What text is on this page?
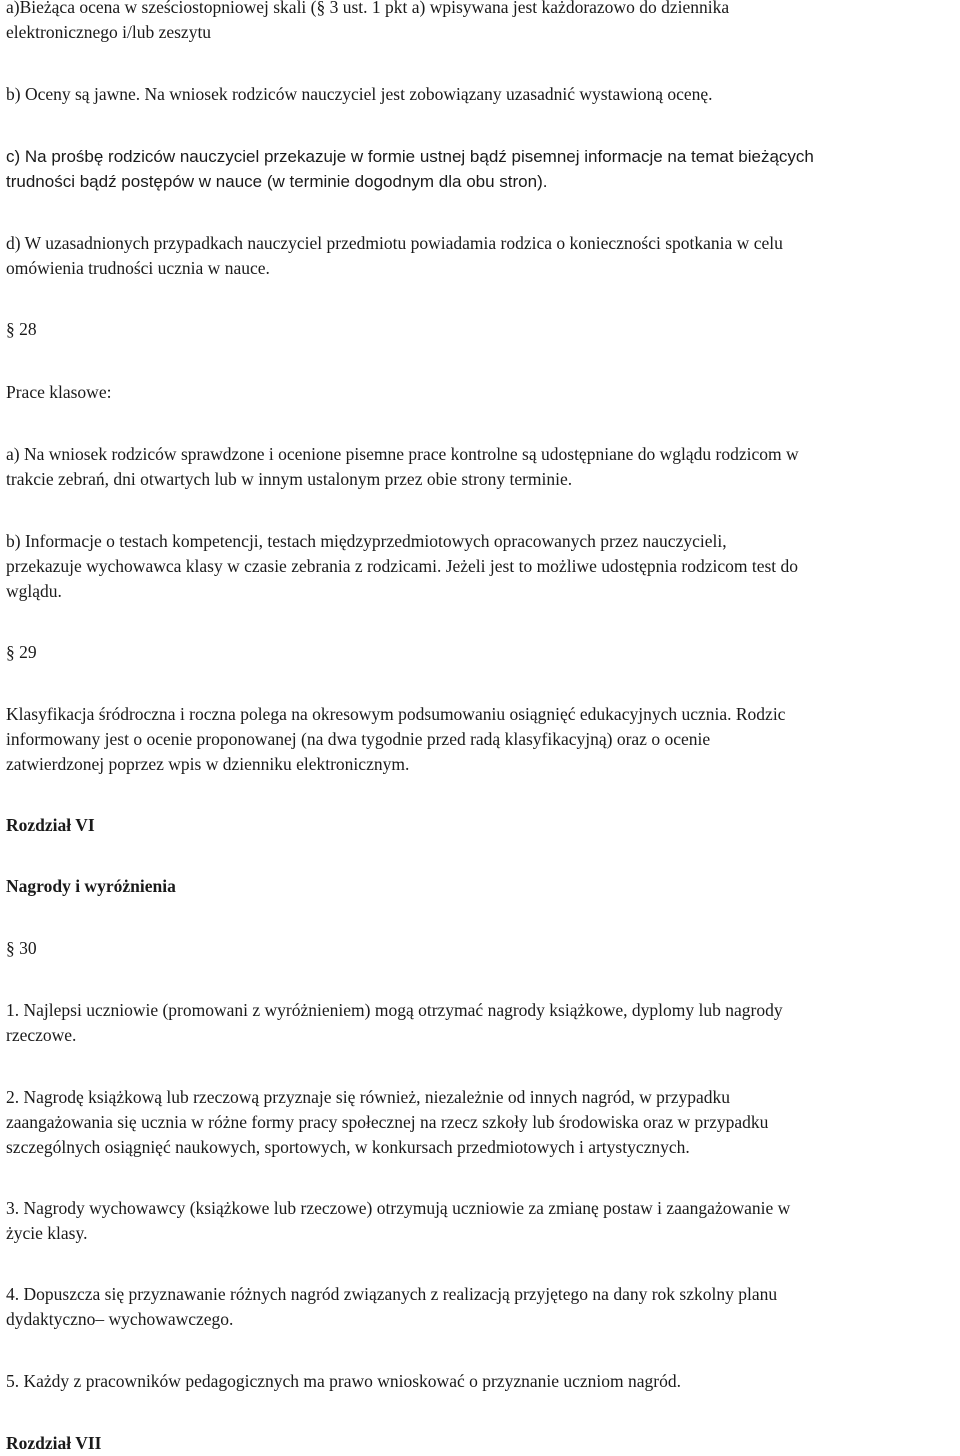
a)Bieżąca ocena w sześciostopniowej skali (§ 3 ust. 1 pkt a) wpisywana jest każdorazowo do dziennika
elektronicznego i/lub zeszytu
b) Oceny są jawne. Na wniosek rodziców nauczyciel jest zobowiązany uzasadnić wystawioną ocenę.
c) Na prośbę rodziców nauczyciel przekazuje w formie ustnej bądź pisemnej informacje na temat bieżących
trudności bądź postępów w nauce (w terminie dogodnym dla obu stron).
d) W uzasadnionych przypadkach nauczyciel przedmiotu powiadamia rodzica o konieczności spotkania w celu
omówienia trudności ucznia w nauce.
§ 28
Prace klasowe:
a) Na wniosek rodziców sprawdzone i ocenione pisemne prace kontrolne są udostępniane do wglądu rodzicom w
trakcie zebrań, dni otwartych lub w innym ustalonym przez obie strony terminie.
b) Informacje o testach kompetencji, testach międzyprzedmiotowych opracowanych przez nauczycieli,
przekazuje wychowawca klasy w czasie zebrania z rodzicami. Jeżeli jest to możliwe udostępnia rodzicom test do
wglądu.
§ 29
Klasyfikacja śródroczna i roczna polega na okresowym podsumowaniu osiągnięć edukacyjnych ucznia. Rodzic
informowany jest o ocenie proponowanej (na dwa tygodnie przed radą klasyfikacyjną) oraz o ocenie
zatwierdzonej poprzez wpis w dzienniku elektronicznym.
Rozdział VI
Nagrody i wyróżnienia
§ 30
1. Najlepsi uczniowie (promowani z wyróżnieniem) mogą otrzymać nagrody książkowe, dyplomy lub nagrody
rzeczowe.
2. Nagrodę książkową lub rzeczową przyznaje się również, niezależnie od innych nagród, w przypadku
zaangażowania się ucznia w różne formy pracy społecznej na rzecz szkoły lub środowiska oraz w przypadku
szczególnych osiągnięć naukowych, sportowych, w konkursach przedmiotowych i artystycznych.
3. Nagrody wychowawcy (książkowe lub rzeczowe) otrzymują uczniowie za zmianę postaw i zaangażowanie w
życie klasy.
4. Dopuszcza się przyznawanie różnych nagród związanych z realizacją przyjętego na dany rok szkolny planu
dydaktyczno– wychowawczego.
5. Każdy z pracowników pedagogicznych ma prawo wnioskować o przyznanie uczniom nagród.
Rozdział VII
